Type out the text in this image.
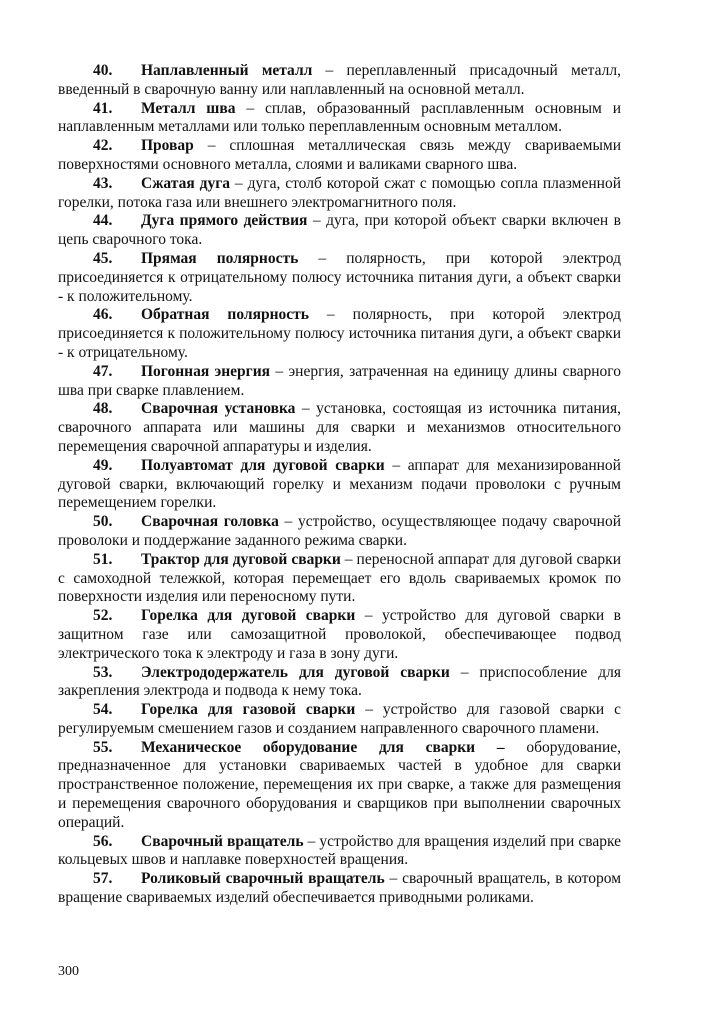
40. Наплавленный металл – переплавленный присадочный металл, введенный в сварочную ванну или наплавленный на основной металл.

41. Металл шва – сплав, образованный расплавленным основным и наплавленным металлами или только переплавленным основным металлом.

42. Провар – сплошная металлическая связь между свариваемыми поверхностями основного металла, слоями и валиками сварного шва.

43. Сжатая дуга – дуга, столб которой сжат с помощью сопла плазменной горелки, потока газа или внешнего электромагнитного поля.

44. Дуга прямого действия – дуга, при которой объект сварки включен в цепь сварочного тока.

45. Прямая полярность – полярность, при которой электрод присоединяется к отрицательному полюсу источника питания дуги, а объект сварки - к положительному.

46. Обратная полярность – полярность, при которой электрод присоединяется к положительному полюсу источника питания дуги, а объект сварки - к отрицательному.

47. Погонная энергия – энергия, затраченная на единицу длины сварного шва при сварке плавлением.

48. Сварочная установка – установка, состоящая из источника питания, сварочного аппарата или машины для сварки и механизмов относительного перемещения сварочной аппаратуры и изделия.

49. Полуавтомат для дуговой сварки – аппарат для механизированной дуговой сварки, включающий горелку и механизм подачи проволоки с ручным перемещением горелки.

50. Сварочная головка – устройство, осуществляющее подачу сварочной проволоки и поддержание заданного режима сварки.

51. Трактор для дуговой сварки – переносной аппарат для дуговой сварки с самоходной тележкой, которая перемещает его вдоль свариваемых кромок по поверхности изделия или переносному пути.

52. Горелка для дуговой сварки – устройство для дуговой сварки в защитном газе или самозащитной проволокой, обеспечивающее подвод электрического тока к электроду и газа в зону дуги.

53. Электрододержатель для дуговой сварки – приспособление для закрепления электрода и подвода к нему тока.

54. Горелка для газовой сварки – устройство для газовой сварки с регулируемым смешением газов и созданием направленного сварочного пламени.

55. Механическое оборудование для сварки – оборудование, предназначенное для установки свариваемых частей в удобное для сварки пространственное положение, перемещения их при сварке, а также для размещения и перемещения сварочного оборудования и сварщиков при выполнении сварочных операций.

56. Сварочный вращатель – устройство для вращения изделий при сварке кольцевых швов и наплавке поверхностей вращения.

57. Роликовый сварочный вращатель – сварочный вращатель, в котором вращение свариваемых изделий обеспечивается приводными роликами.

300
